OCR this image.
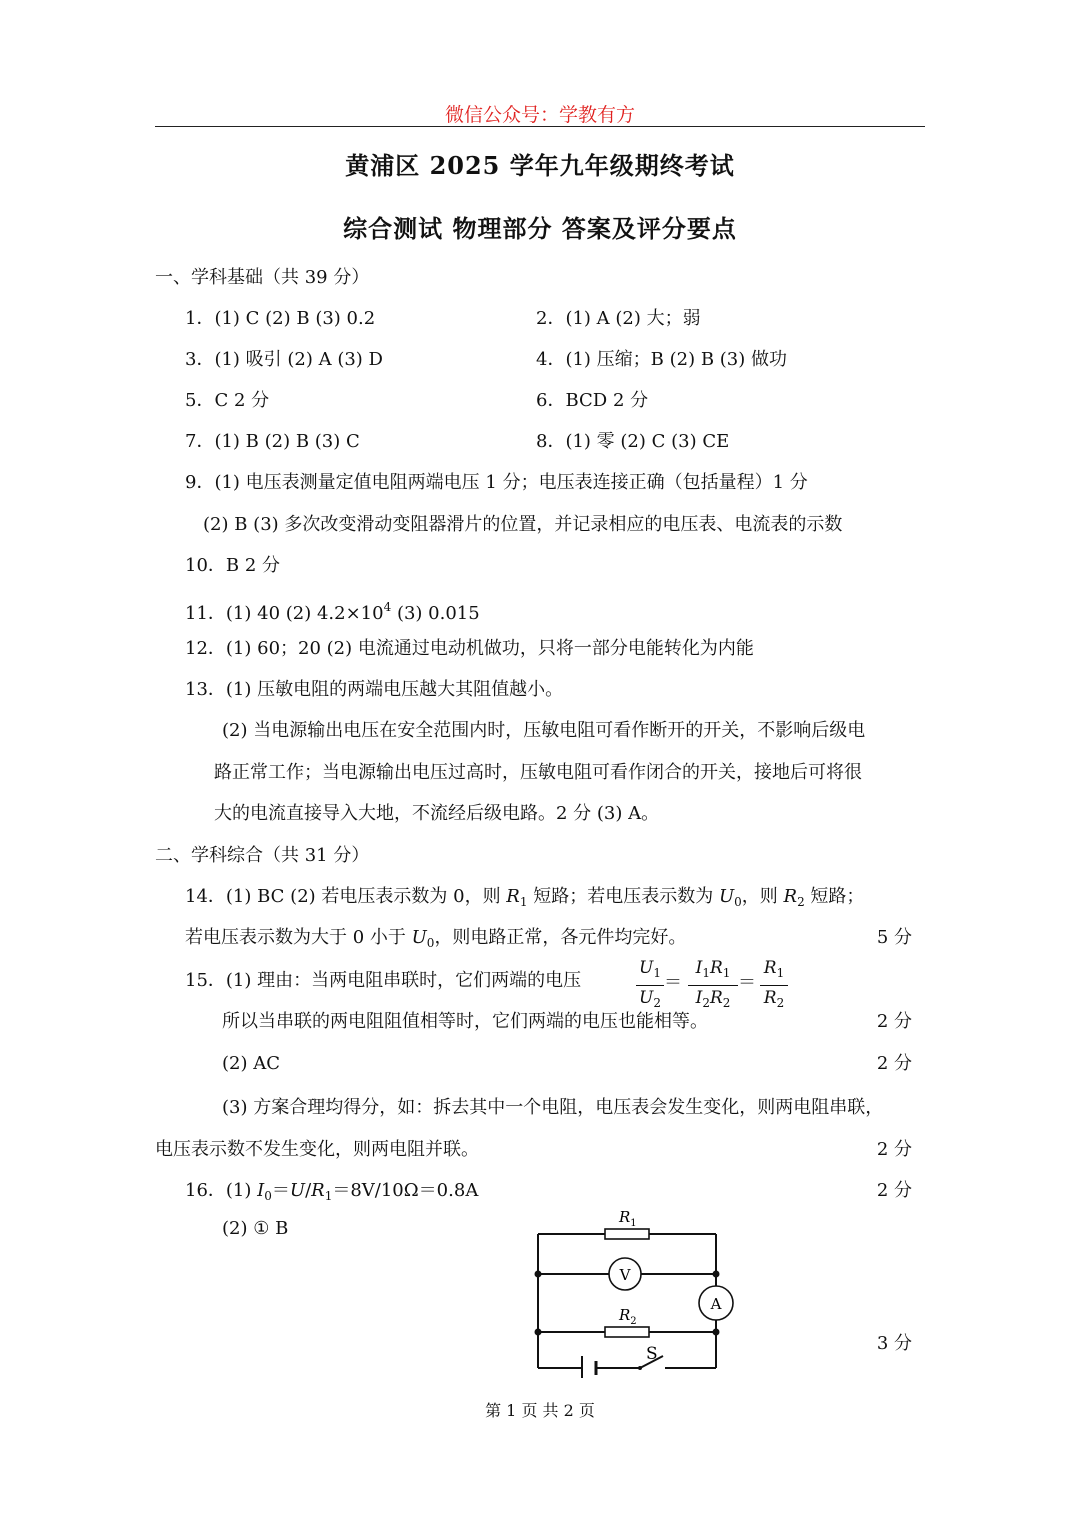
微信公众号：学教有方
黄浦区 2025 学年九年级期终考试
综合测试 物理部分 答案及评分要点
一、学科基础（共 39 分）
1．(1) C (2) B (3) 0.2	2．(1) A (2) 大；弱
3．(1) 吸引 (2) A (3) D	4．(1) 压缩；B (2) B (3) 做功
5．C 2 分	6．BCD 2 分
7．(1) B (2) B (3) C	8．(1) 零 (2) C (3) CE
9．(1) 电压表测量定值电阻两端电压 1 分；电压表连接正确（包括量程）1 分
(2) B (3) 多次改变滑动变阻器滑片的位置，并记录相应的电压表、电流表的示数
10．B 2 分
11．(1) 40 (2) $4.2\times 10^4$ (3) 0.015
12．(1) 60；20 (2) 电流通过电动机做功，只将一部分电能转化为内能
13．(1) 压敏电阻的两端电压越大其阻值越小。
(2) 当电源输出电压在安全范围内时，压敏电阻可看作断开的开关，不影响后级电
路正常工作；当电源输出电压过高时，压敏电阻可看作闭合的开关，接地后可将很
大的电流直接导入大地，不流经后级电路。2 分 (3) A。
二、学科综合（共 31 分）
14．(1) BC (2) 若电压表示数为 0，则 $R_1$ 短路；若电压表示数为 $U_0$，则 $R_2$ 短路；
若电压表示数为大于 0 小于 $U_0$，则电路正常，各元件均完好。	5 分
15．(1) 理由：当两电阻串联时，它们两端的电压
$U_1$
$U_2$
＝
$I_1R_1$
$I_2R_2$
＝
$R_1$
$R_2$
所以当串联的两电阻阻值相等时，它们两端的电压也能相等。	2 分
(2) AC	2 分
(3) 方案合理均得分，如：拆去其中一个电阻，电压表会发生变化，则两电阻串联，
电压表示数不发生变化，则两电阻并联。	2 分
16．(1) $I_0=U/R_1=8V/10\Omega=0.8A$	2 分
(2) ① B
3 分
$R_1$
$R_2$
V
A
S
第 1 页 共 2 页
